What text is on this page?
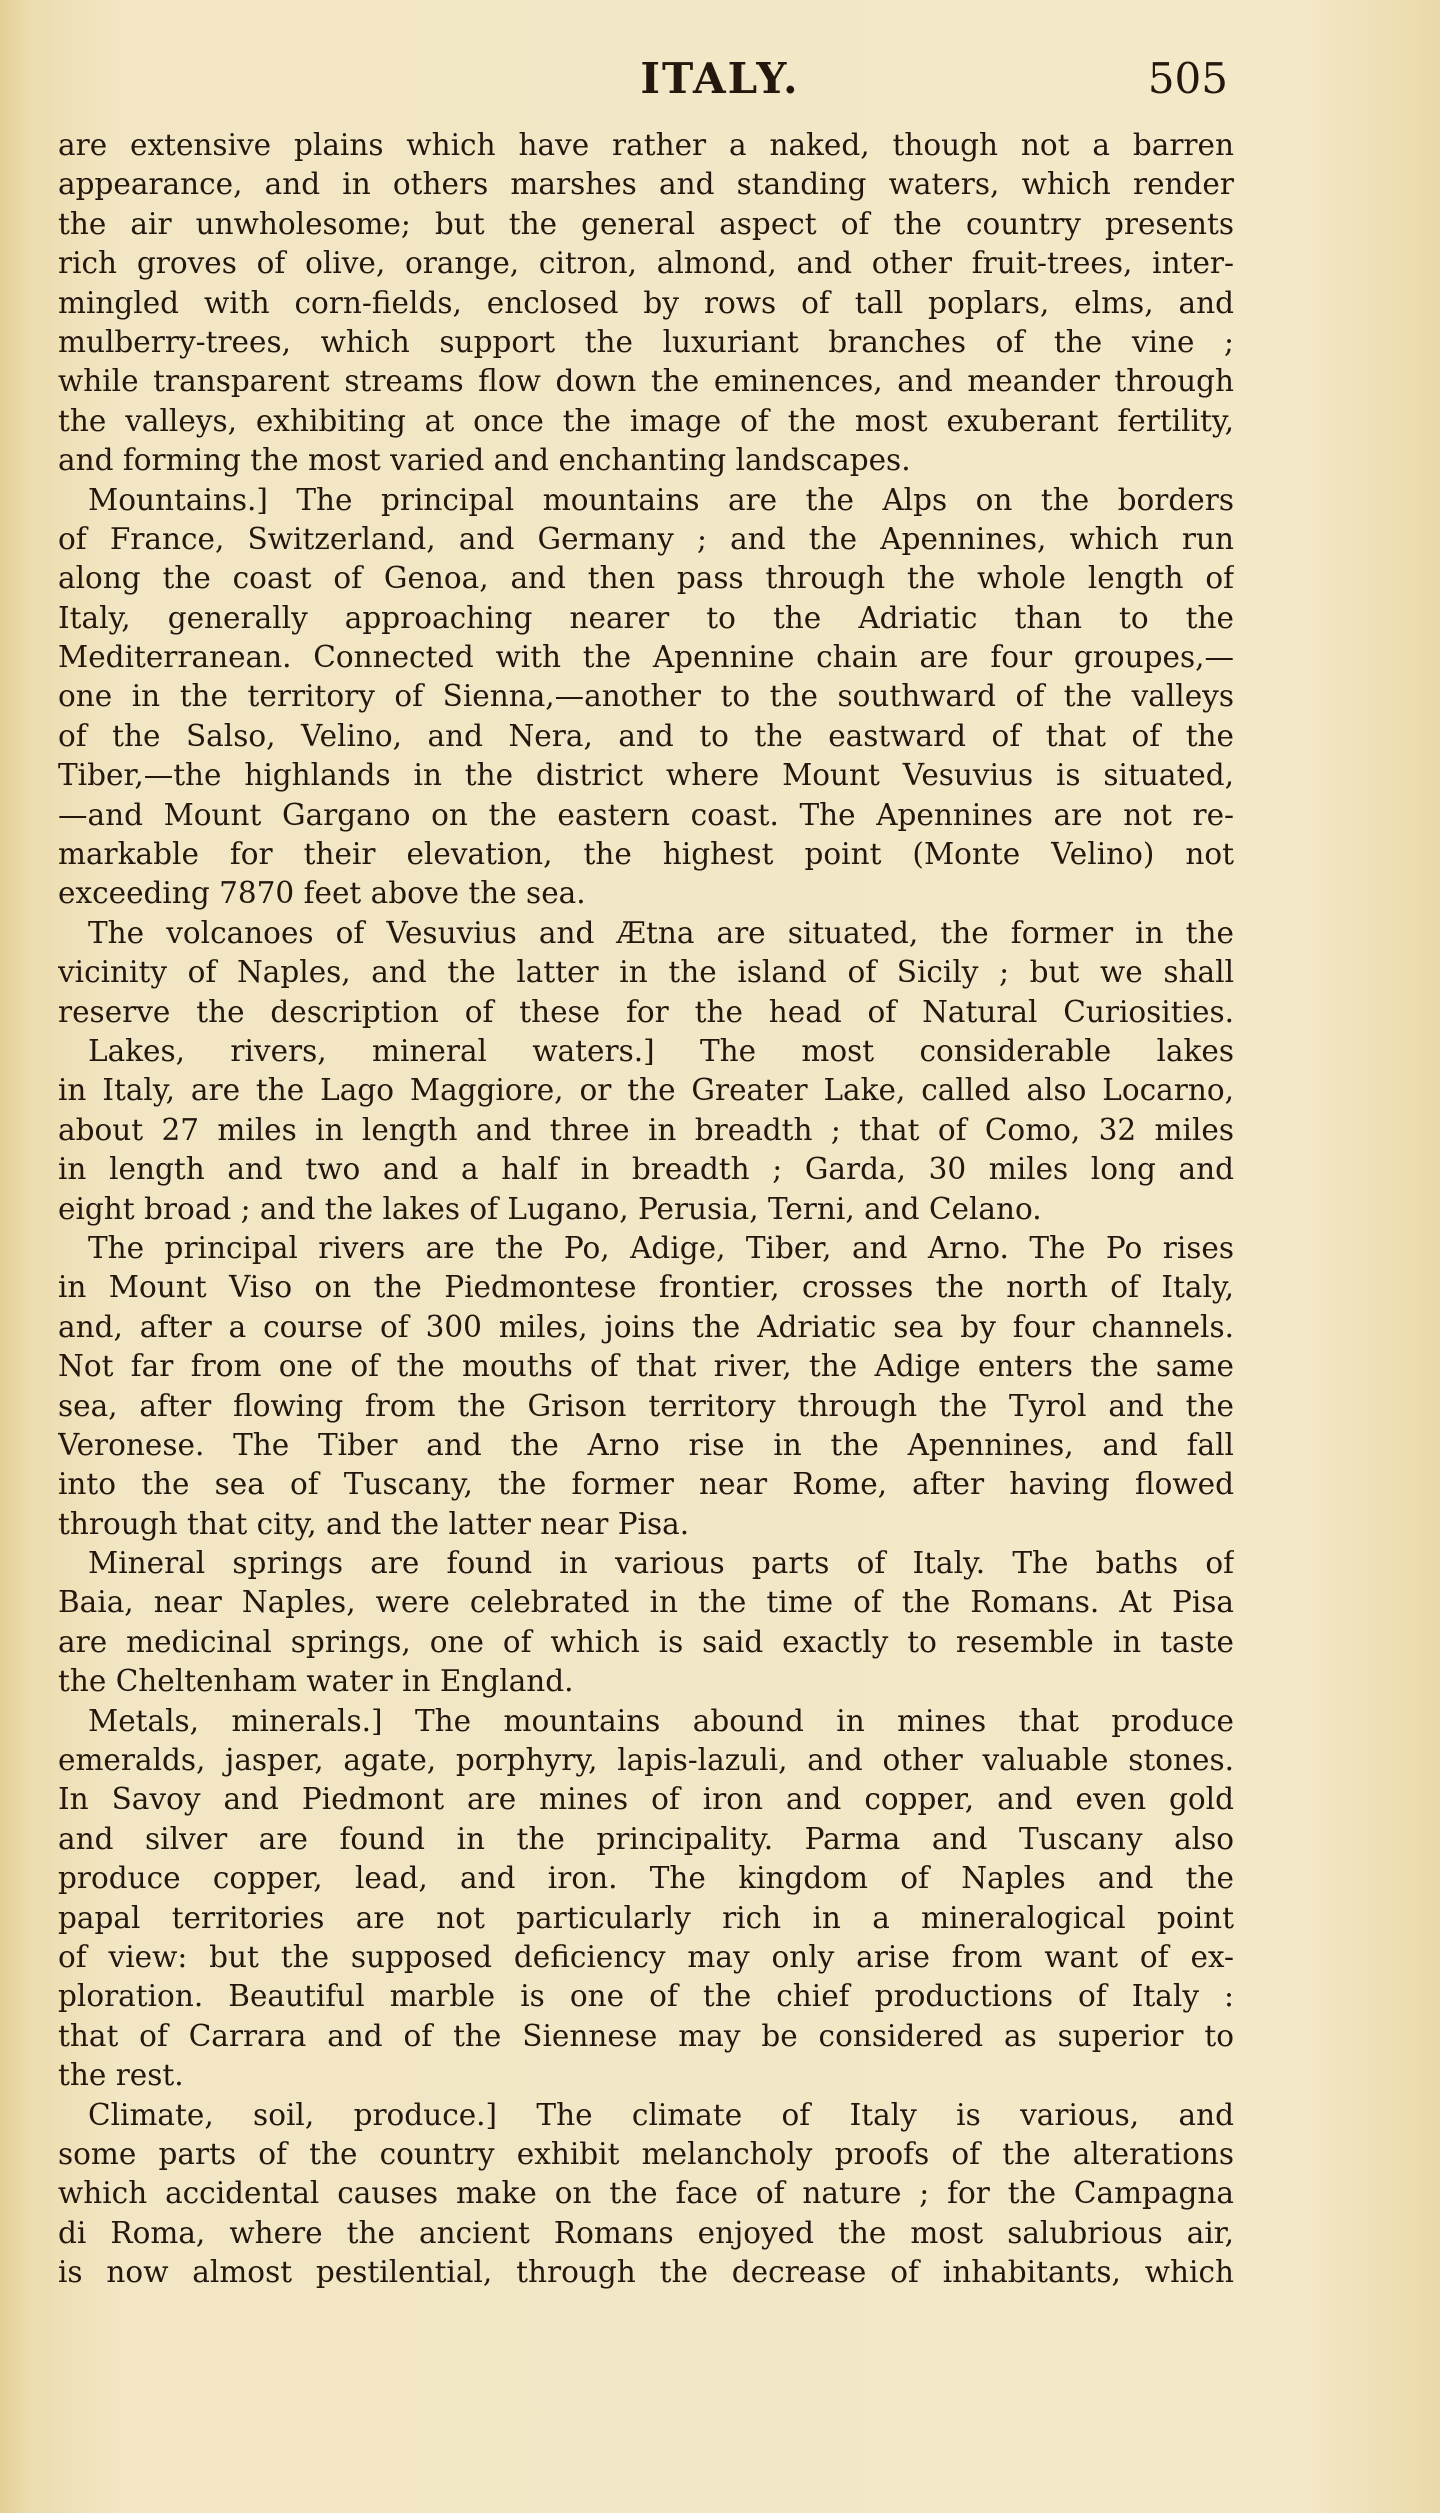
ITALY.	505
are extensive plains which have rather a naked, though not a barren
appearance, and in others marshes and standing waters, which render
the air unwholesome; but the general aspect of the country presents
rich groves of olive, orange, citron, almond, and other fruit-trees, inter-
mingled with corn-fields, enclosed by rows of tall poplars, elms, and
mulberry-trees, which support the luxuriant branches of the vine ;
while transparent streams flow down the eminences, and meander through
the valleys, exhibiting at once the image of the most exuberant fertility,
and forming the most varied and enchanting landscapes.
Mountains.] The principal mountains are the Alps on the borders
of France, Switzerland, and Germany ; and the Apennines, which run
along the coast of Genoa, and then pass through the whole length of
Italy, generally approaching nearer to the Adriatic than to the
Mediterranean. Connected with the Apennine chain are four groupes,—
one in the territory of Sienna,—another to the southward of the valleys
of the Salso, Velino, and Nera, and to the eastward of that of the
Tiber,—the highlands in the district where Mount Vesuvius is situated,
—and Mount Gargano on the eastern coast. The Apennines are not re-
markable for their elevation, the highest point (Monte Velino) not
exceeding 7870 feet above the sea.
The volcanoes of Vesuvius and Ætna are situated, the former in the
vicinity of Naples, and the latter in the island of Sicily ; but we shall
reserve the description of these for the head of Natural Curiosities.
Lakes, rivers, mineral waters.] The most considerable lakes
in Italy, are the Lago Maggiore, or the Greater Lake, called also Locarno,
about 27 miles in length and three in breadth ; that of Como, 32 miles
in length and two and a half in breadth ; Garda, 30 miles long and
eight broad ; and the lakes of Lugano, Perusia, Terni, and Celano.
The principal rivers are the Po, Adige, Tiber, and Arno. The Po rises
in Mount Viso on the Piedmontese frontier, crosses the north of Italy,
and, after a course of 300 miles, joins the Adriatic sea by four channels.
Not far from one of the mouths of that river, the Adige enters the same
sea, after flowing from the Grison territory through the Tyrol and the
Veronese. The Tiber and the Arno rise in the Apennines, and fall
into the sea of Tuscany, the former near Rome, after having flowed
through that city, and the latter near Pisa.
Mineral springs are found in various parts of Italy. The baths of
Baia, near Naples, were celebrated in the time of the Romans. At Pisa
are medicinal springs, one of which is said exactly to resemble in taste
the Cheltenham water in England.
Metals, minerals.] The mountains abound in mines that produce
emeralds, jasper, agate, porphyry, lapis-lazuli, and other valuable stones.
In Savoy and Piedmont are mines of iron and copper, and even gold
and silver are found in the principality. Parma and Tuscany also
produce copper, lead, and iron. The kingdom of Naples and the
papal territories are not particularly rich in a mineralogical point
of view: but the supposed deficiency may only arise from want of ex-
ploration. Beautiful marble is one of the chief productions of Italy :
that of Carrara and of the Siennese may be considered as superior to
the rest.
Climate, soil, produce.] The climate of Italy is various, and
some parts of the country exhibit melancholy proofs of the alterations
which accidental causes make on the face of nature ; for the Campagna
di Roma, where the ancient Romans enjoyed the most salubrious air,
is now almost pestilential, through the decrease of inhabitants, which
